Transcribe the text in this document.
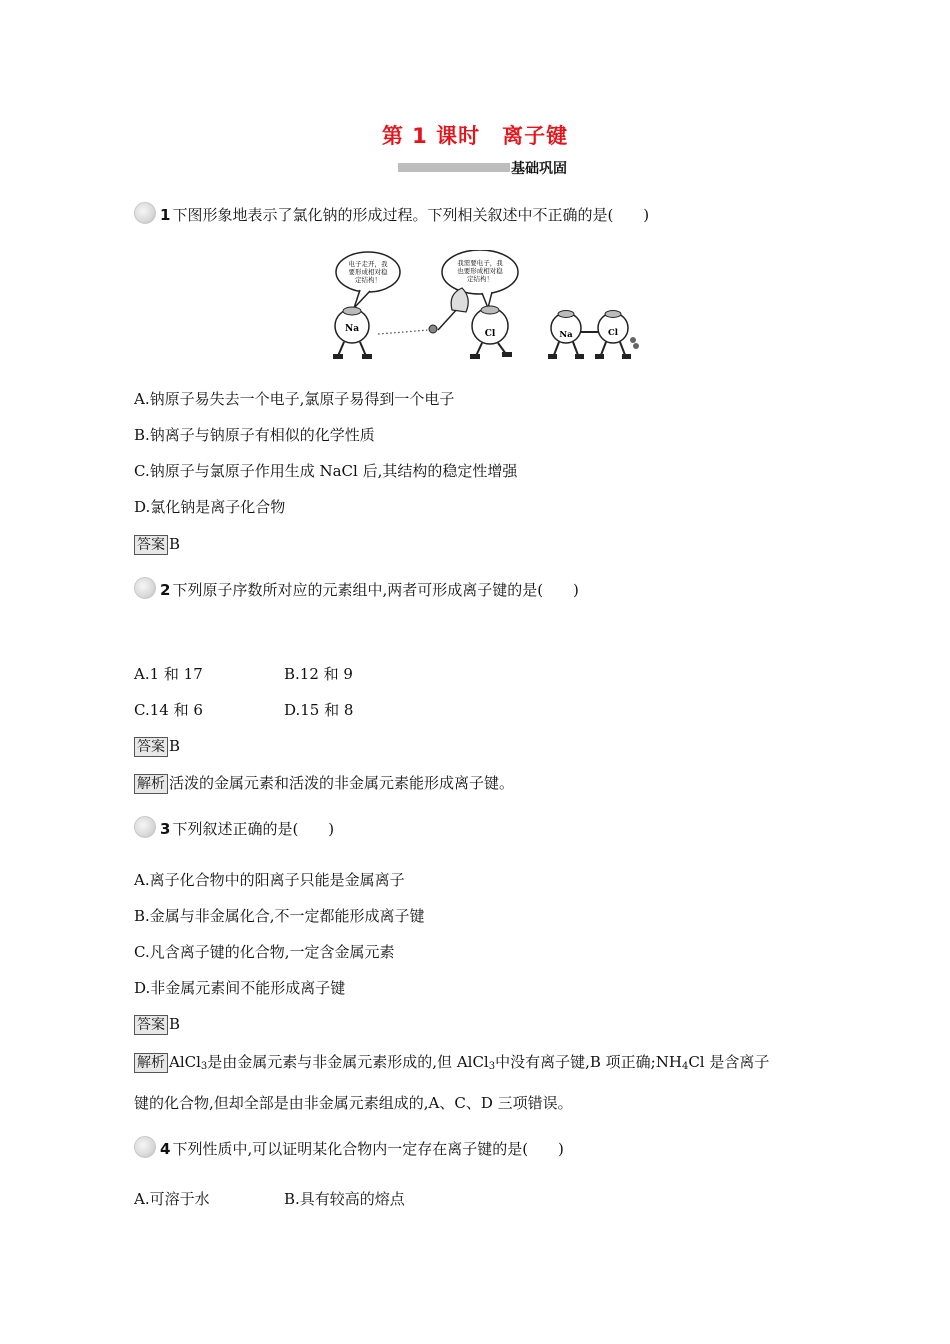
第 1 课时　离子键
基础巩固
1 下图形象地表示了氯化钠的形成过程。下列相关叙述中不正确的是(　　)
电子走开，我
要形成相对稳
定结构！
我需要电子，我
也要形成相对稳
定结构！
Na	Cl	Na	Cl
A.钠原子易失去一个电子,氯原子易得到一个电子
B.钠离子与钠原子有相似的化学性质
C.钠原子与氯原子作用生成 NaCl 后,其结构的稳定性增强
D.氯化钠是离子化合物
答案 B
2 下列原子序数所对应的元素组中,两者可形成离子键的是(　　)
A.1 和 17	B.12 和 9
C.14 和 6	D.15 和 8
答案 B
解析 活泼的金属元素和活泼的非金属元素能形成离子键。
3 下列叙述正确的是(　　)
A.离子化合物中的阳离子只能是金属离子
B.金属与非金属化合,不一定都能形成离子键
C.凡含离子键的化合物,一定含金属元素
D.非金属元素间不能形成离子键
答案 B
解析 AlCl$_3$是由金属元素与非金属元素形成的,但 AlCl$_3$中没有离子键,B 项正确$;NH_4Cl$ 是含离子
键的化合物,但却全部是由非金属元素组成的,A、C、D 三项错误。
4 下列性质中,可以证明某化合物内一定存在离子键的是(　　)
A.可溶于水	B.具有较高的熔点
